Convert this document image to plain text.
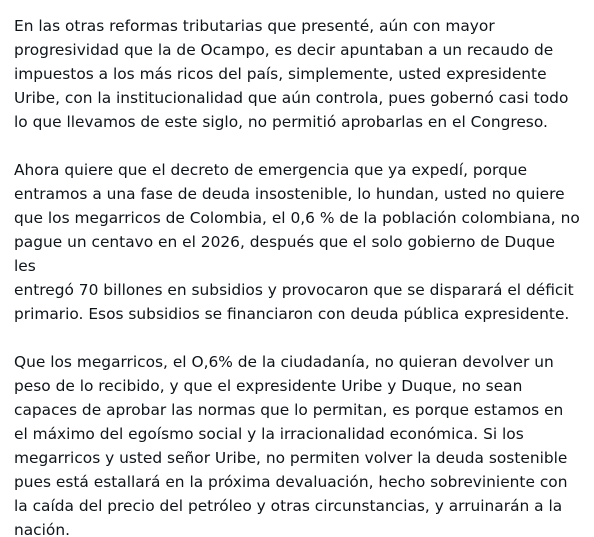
En las otras reformas tributarias que presenté, aún con mayor
progresividad que la de Ocampo, es decir apuntaban a un recaudo de
impuestos a los más ricos del país, simplemente, usted expresidente
Uribe, con la institucionalidad que aún controla, pues gobernó casi todo
lo que llevamos de este siglo, no permitió aprobarlas en el Congreso.

Ahora quiere que el decreto de emergencia que ya expedí, porque
entramos a una fase de deuda insostenible, lo hundan, usted no quiere
que los megarricos de Colombia, el 0,6 % de la población colombiana, no
pague un centavo en el 2026, después que el solo gobierno de Duque les
entregó 70 billones en subsidios y provocaron que se disparará el déficit
primario. Esos subsidios se financiaron con deuda pública expresidente.

Que los megarricos, el O,6% de la ciudadanía, no quieran devolver un
peso de lo recibido, y que el expresidente Uribe y Duque, no sean
capaces de aprobar las normas que lo permitan, es porque estamos en
el máximo del egoísmo social y la irracionalidad económica. Si los
megarricos y usted señor Uribe, no permiten volver la deuda sostenible
pues está estallará en la próxima devaluación, hecho sobreviniente con
la caída del precio del petróleo y otras circunstancias, y arruinarán a la
nación.
